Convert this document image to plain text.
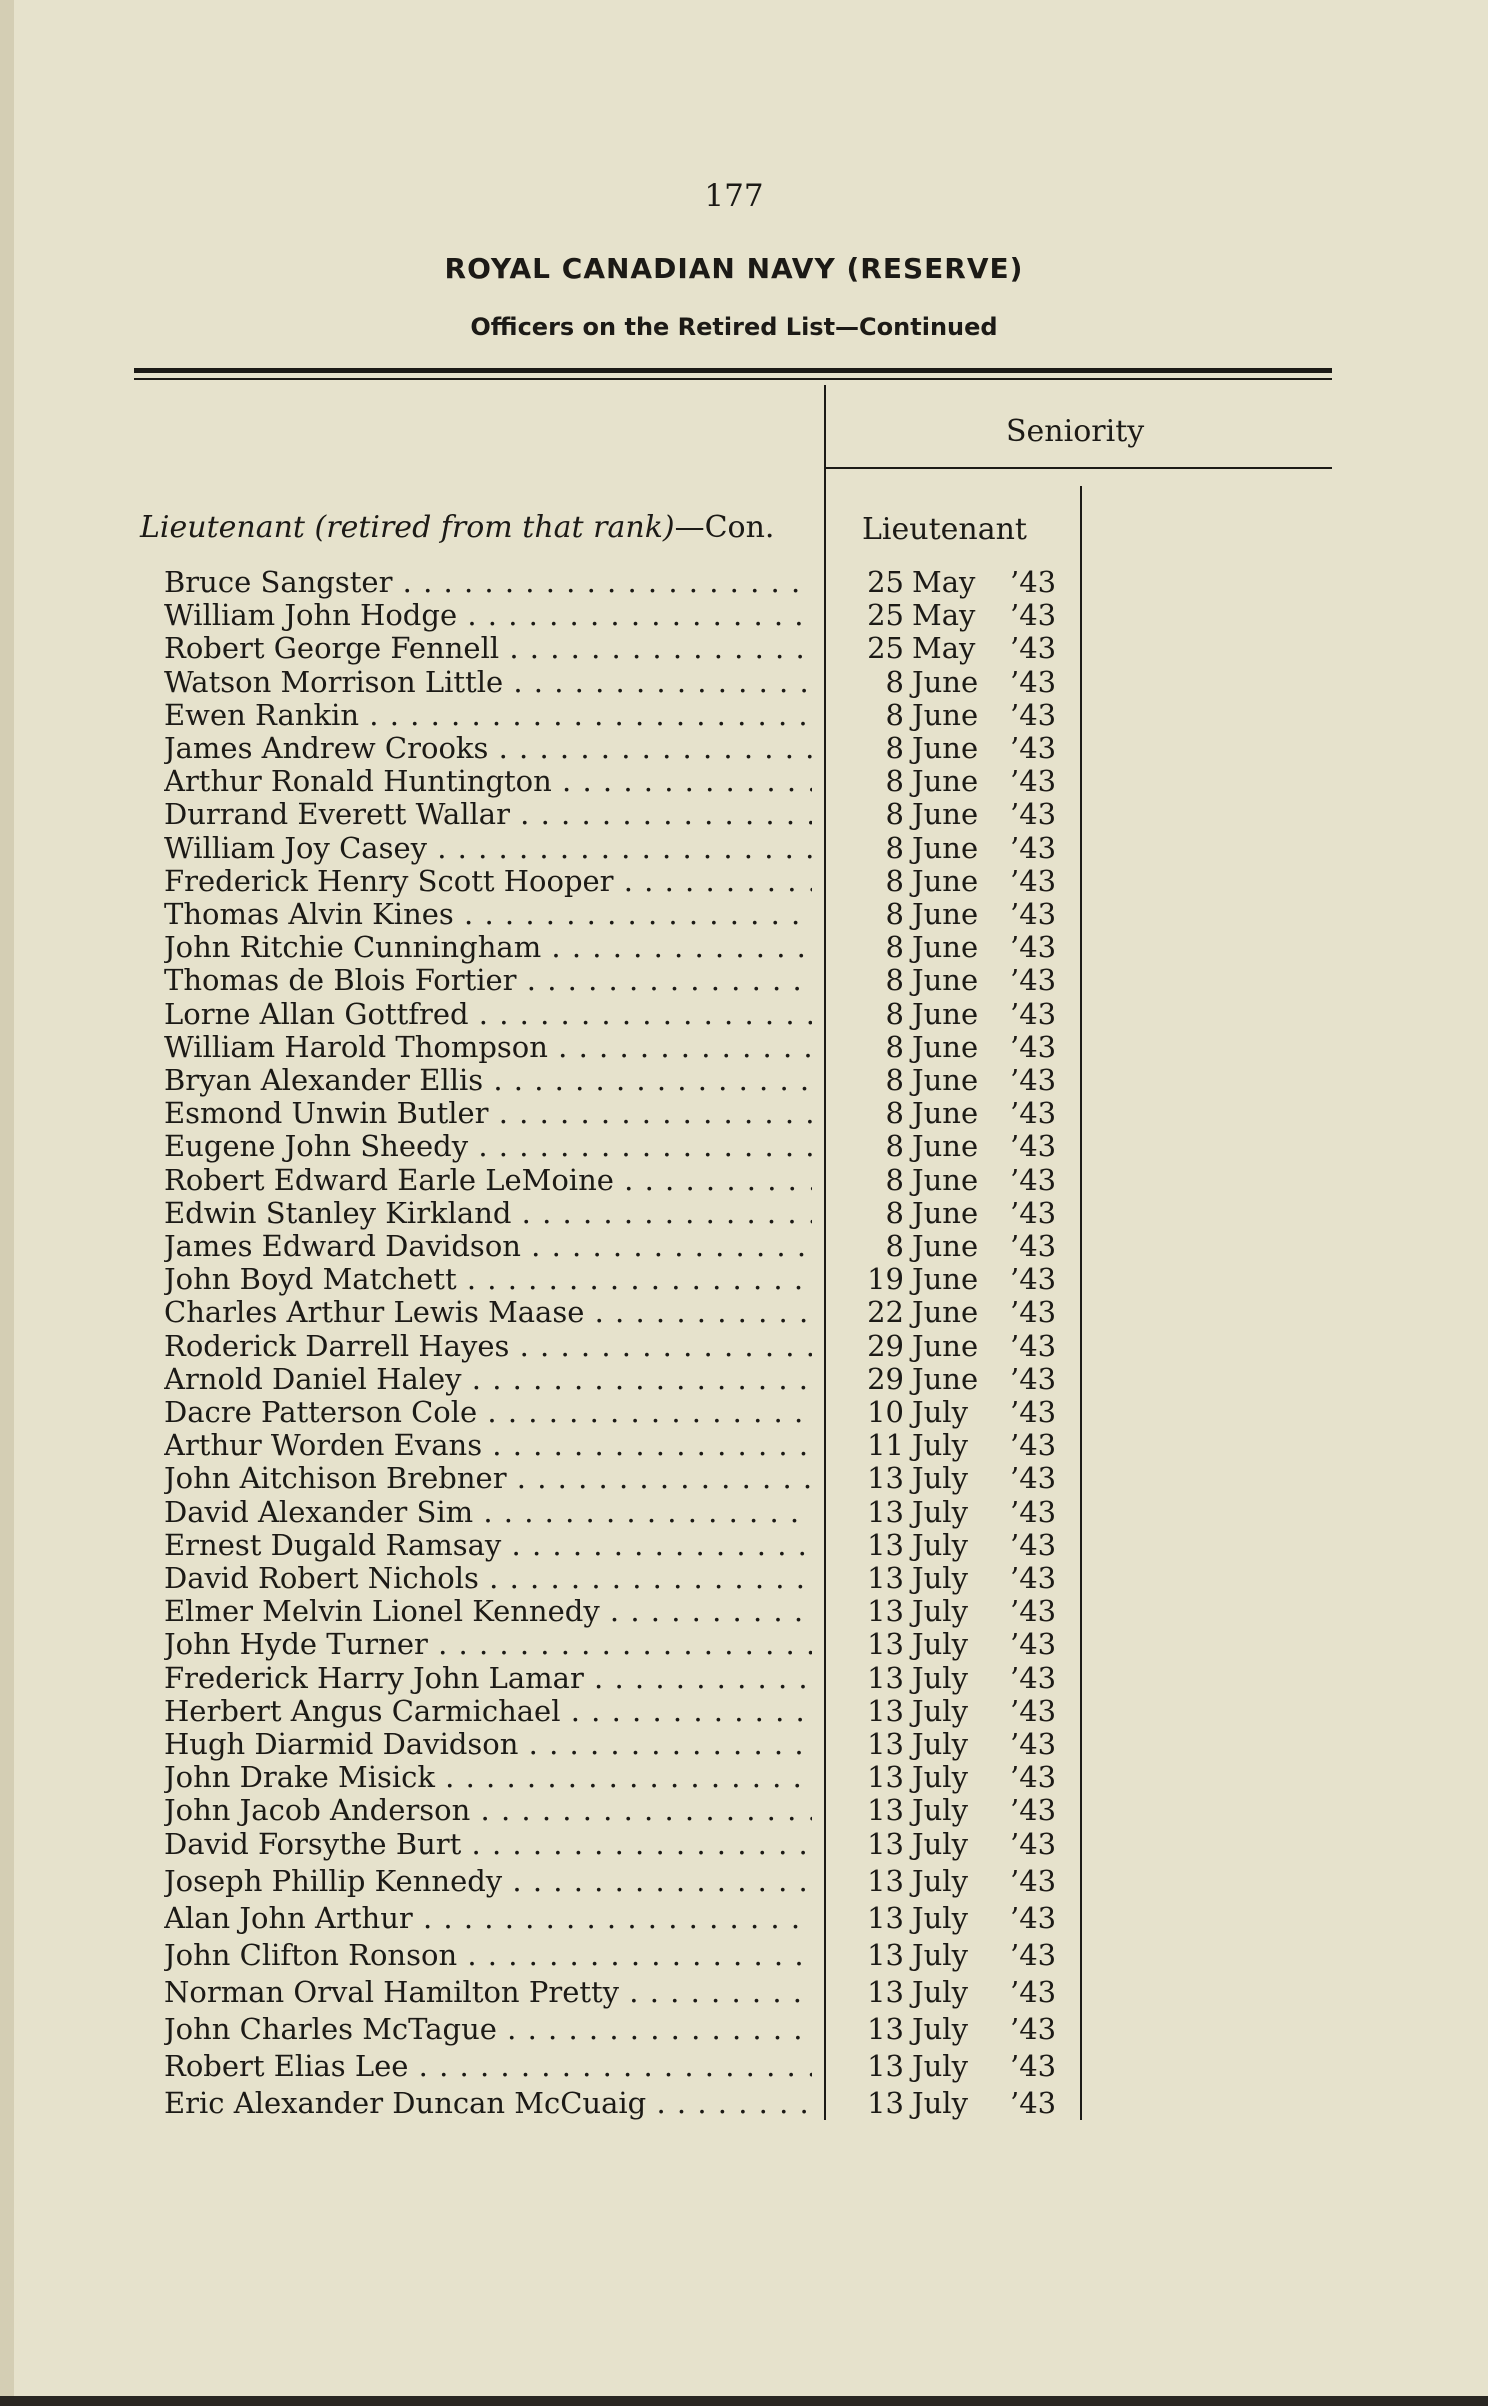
177
ROYAL CANADIAN NAVY (RESERVE)
Officers on the Retired List—Continued
Seniority
Lieutenant (retired from that rank)—Con.	Lieutenant
Bruce Sangster . . .	25 May	’43
William John Hodge . . .	25 May	’43
Robert George Fennell . . .	25 May	’43
Watson Morrison Little . . .	8 June	’43
Ewen Rankin . . .	8 June	’43
James Andrew Crooks . . .	8 June	’43
Arthur Ronald Huntington . . .	8 June	’43
Durrand Everett Wallar . . .	8 June	’43
William Joy Casey . . .	8 June	’43
Frederick Henry Scott Hooper . . .	8 June	’43
Thomas Alvin Kines . . .	8 June	’43
John Ritchie Cunningham . . .	8 June	’43
Thomas de Blois Fortier . . .	8 June	’43
Lorne Allan Gottfred . . .	8 June	’43
William Harold Thompson . . .	8 June	’43
Bryan Alexander Ellis . . .	8 June	’43
Esmond Unwin Butler . . .	8 June	’43
Eugene John Sheedy . . .	8 June	’43
Robert Edward Earle LeMoine . . .	8 June	’43
Edwin Stanley Kirkland . . .	8 June	’43
James Edward Davidson . . .	8 June	’43
John Boyd Matchett . . .	19 June	’43
Charles Arthur Lewis Maase . . .	22 June	’43
Roderick Darrell Hayes . . .	29 June	’43
Arnold Daniel Haley . . .	29 June	’43
Dacre Patterson Cole . . .	10 July	’43
Arthur Worden Evans . . .	11 July	’43
John Aitchison Brebner . . .	13 July	’43
David Alexander Sim . . .	13 July	’43
Ernest Dugald Ramsay . . .	13 July	’43
David Robert Nichols . . .	13 July	’43
Elmer Melvin Lionel Kennedy . . .	13 July	’43
John Hyde Turner . . .	13 July	’43
Frederick Harry John Lamar . . .	13 July	’43
Herbert Angus Carmichael . . .	13 July	’43
Hugh Diarmid Davidson . . .	13 July	’43
John Drake Misick . . .	13 July	’43
John Jacob Anderson . . .	13 July	’43
David Forsythe Burt . . .	13 July	’43
Joseph Phillip Kennedy . . .	13 July	’43
Alan John Arthur . . .	13 July	’43
John Clifton Ronson . . .	13 July	’43
Norman Orval Hamilton Pretty . . .	13 July	’43
John Charles McTague . . .	13 July	’43
Robert Elias Lee . . .	13 July	’43
Eric Alexander Duncan McCuaig . . .	13 July	’43
